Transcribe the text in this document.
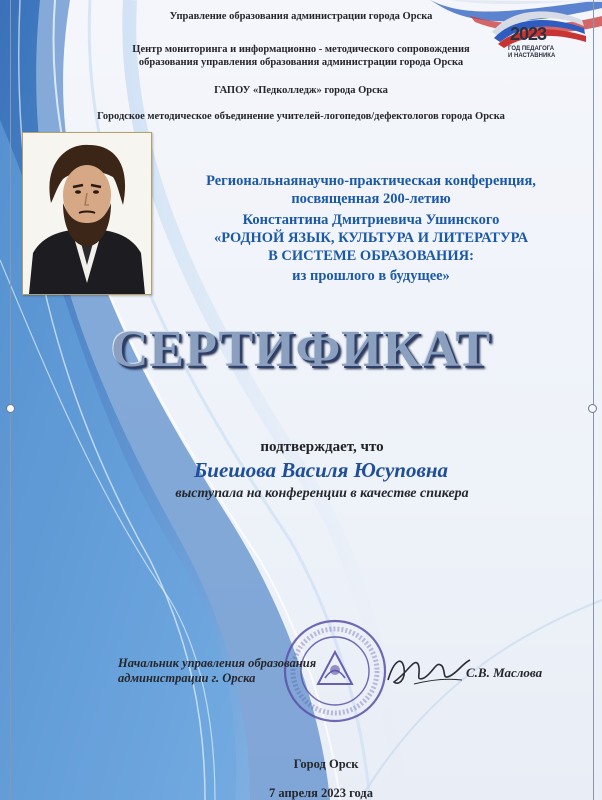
2023
ГОД ПЕДАГОГА
И НАСТАВНИКА
Управление образования администрации города Орска
Центр мониторинга и информационно - методического сопровождения
образования управления образования администрации города Орска
ГАПОУ «Педколледж» города Орска
Городское методическое объединение учителей-логопедов/дефектологов города Орска
Региональнаянаучно-практическая конференция,
посвященная 200-летию
Константина Дмитриевича Ушинского
«РОДНОЙ ЯЗЫК, КУЛЬТУРА И ЛИТЕРАТУРА
В СИСТЕМЕ ОБРАЗОВАНИЯ:
из прошлого в будущее»
СЕРТИФИКАТ
подтверждает, что
Биешова Василя Юсуповна
выступала на конференции в качестве спикера
Начальник управления образования
администрации г. Орска	С.В. Маслова
Город Орск
7 апреля 2023 года
